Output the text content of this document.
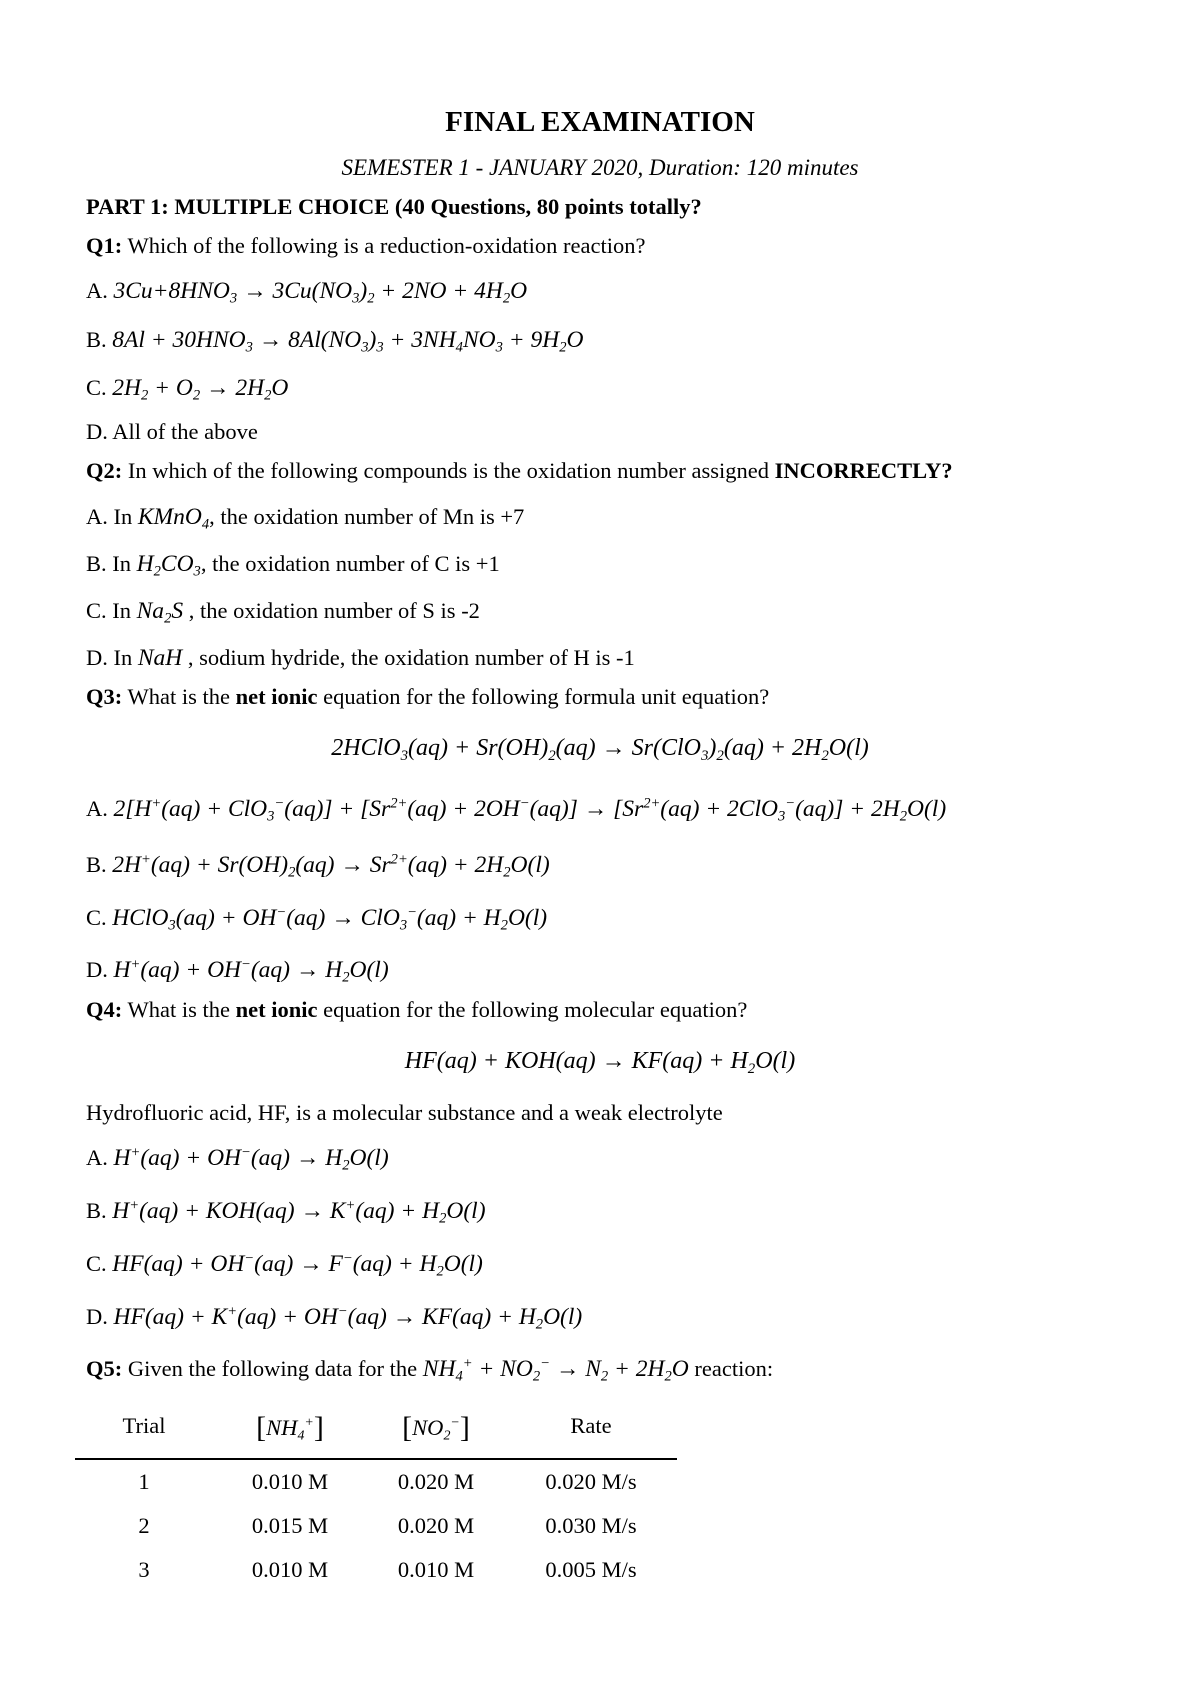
FINAL EXAMINATION
SEMESTER 1 - JANUARY 2020, Duration: 120 minutes
PART 1: MULTIPLE CHOICE (40 Questions, 80 points totally?
Q1: Which of the following is a reduction-oxidation reaction?
A. $3Cu+8HNO_3 \to 3Cu(NO_3)_2 + 2NO + 4H_2O$
B. $8Al + 30HNO_3 \to 8Al(NO_3)_3 + 3NH_4NO_3 + 9H_2O$
C. $2H_2 + O_2 \to 2H_2O$
D. All of the above
Q2: In which of the following compounds is the oxidation number assigned INCORRECTLY?
A. In KMnO$_4$, the oxidation number of Mn is +7
B. In $H_2CO_3$, the oxidation number of C is +1
C. In $Na_2S$ , the oxidation number of S is -2
D. In NaH , sodium hydride, the oxidation number of H is -1
Q3: What is the net ionic equation for the following formula unit equation?
2HClO$_3$(aq) + $Sr(OH)_2(aq) \to Sr(ClO_3)_2(aq) + 2H_2O(l)$
A. $2[H^+(aq) + ClO_3^-(aq)] + [Sr^{2+}(aq) + 2OH^-(aq)] \to [Sr^{2+}(aq) + 2ClO_3^-(aq)] + 2H_2O(l)$
B. $2H^+(aq) + Sr(OH)_2(aq) \to Sr^{2+}(aq) + 2H_2O(l)$
C. HClO$_3$(aq) + $OH^-(aq) \to ClO_3^-(aq) + H_2O(l)$
D. $H^+(aq) + OH^-(aq) \to H_2O(l)$
Q4: What is the net ionic equation for the following molecular equation?
$HF(aq) + KOH(aq) \to KF(aq) + H_2O(l)$
Hydrofluoric acid, HF, is a molecular substance and a weak electrolyte
A. $H^+(aq) + OH^-(aq) \to H_2O(l)$
B. $H^+(aq) + KOH(aq) \to K^+(aq) + H_2O(l)$
C. $HF(aq) + OH^-(aq) \to F^-(aq) + H_2O(l)$
D. $HF(aq) + K^+(aq) + OH^-(aq) \to KF(aq) + H_2O(l)$
Q5: Given the following data for the $NH_4^+ + NO_2^- \to N_2 + 2H_2O$ reaction:
Trial	$[NH_4^+]$	$[NO_2^-]$	Rate
1	0.010 M	0.020 M	0.020 M/s
2	0.015 M	0.020 M	0.030 M/s
3	0.010 M	0.010 M	0.005 M/s
